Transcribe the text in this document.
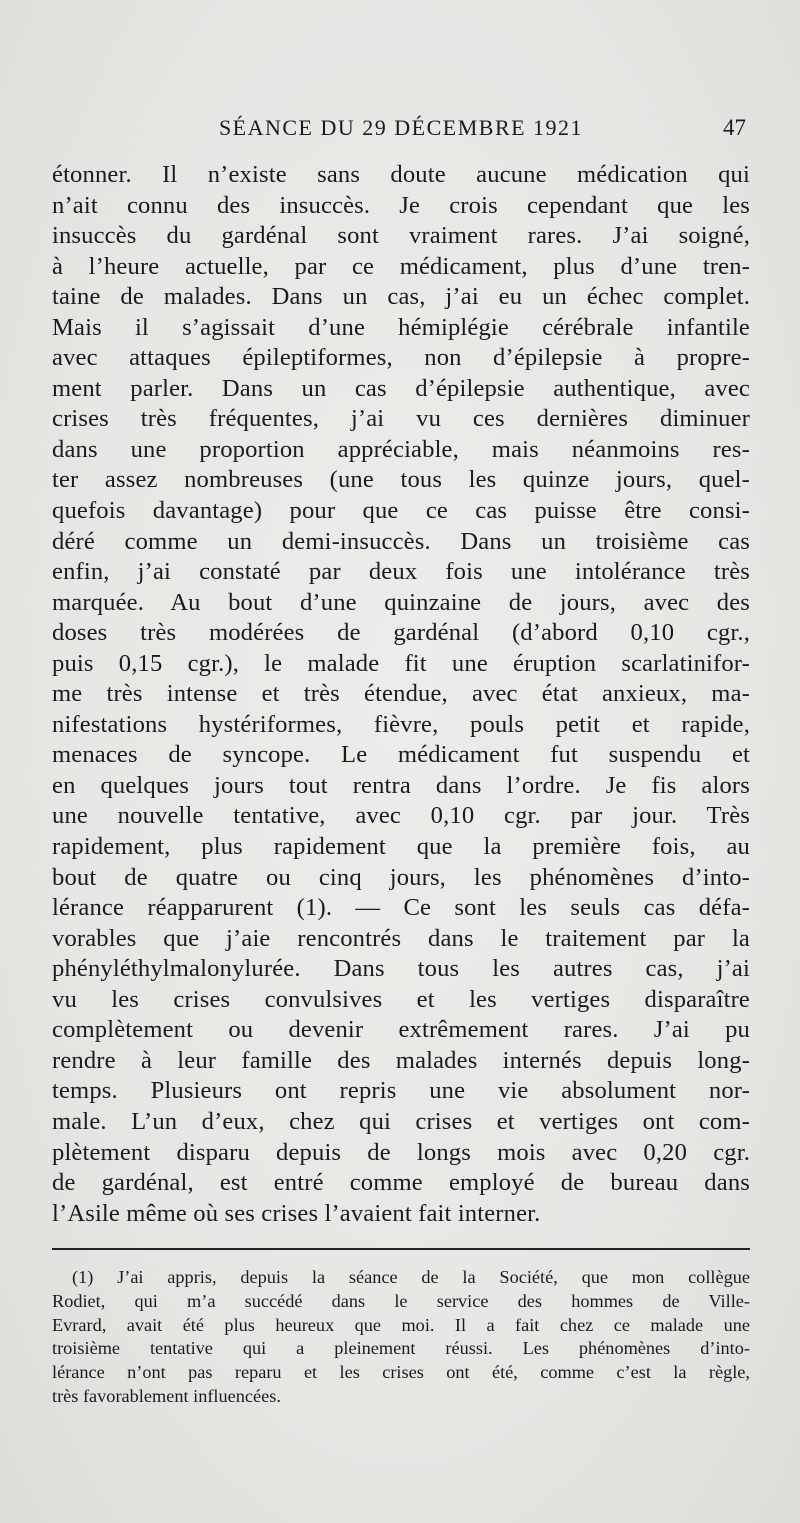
SÉANCE DU 29 DÉCEMBRE 1921	47
étonner. Il n’existe sans doute aucune médication qui
n’ait connu des insuccès. Je crois cependant que les
insuccès du gardénal sont vraiment rares. J’ai soigné,
à l’heure actuelle, par ce médicament, plus d’une tren-
taine de malades. Dans un cas, j’ai eu un échec complet.
Mais il s’agissait d’une hémiplégie cérébrale infantile
avec attaques épileptiformes, non d’épilepsie à propre-
ment parler. Dans un cas d’épilepsie authentique, avec
crises très fréquentes, j’ai vu ces dernières diminuer
dans une proportion appréciable, mais néanmoins res-
ter assez nombreuses (une tous les quinze jours, quel-
quefois davantage) pour que ce cas puisse être consi-
déré comme un demi-insuccès. Dans un troisième cas
enfin, j’ai constaté par deux fois une intolérance très
marquée. Au bout d’une quinzaine de jours, avec des
doses très modérées de gardénal (d’abord 0,10 cgr.,
puis 0,15 cgr.), le malade fit une éruption scarlatinifor-
me très intense et très étendue, avec état anxieux, ma-
nifestations hystériformes, fièvre, pouls petit et rapide,
menaces de syncope. Le médicament fut suspendu et
en quelques jours tout rentra dans l’ordre. Je fis alors
une nouvelle tentative, avec 0,10 cgr. par jour. Très
rapidement, plus rapidement que la première fois, au
bout de quatre ou cinq jours, les phénomènes d’into-
lérance réapparurent (1). — Ce sont les seuls cas défa-
vorables que j’aie rencontrés dans le traitement par la
phényléthylmalonylurée. Dans tous les autres cas, j’ai
vu les crises convulsives et les vertiges disparaître
complètement ou devenir extrêmement rares. J’ai pu
rendre à leur famille des malades internés depuis long-
temps. Plusieurs ont repris une vie absolument nor-
male. L’un d’eux, chez qui crises et vertiges ont com-
plètement disparu depuis de longs mois avec 0,20 cgr.
de gardénal, est entré comme employé de bureau dans
l’Asile même où ses crises l’avaient fait interner.
(1) J’ai appris, depuis la séance de la Société, que mon collègue
Rodiet, qui m’a succédé dans le service des hommes de Ville-
Evrard, avait été plus heureux que moi. Il a fait chez ce malade une
troisième tentative qui a pleinement réussi. Les phénomènes d’into-
lérance n’ont pas reparu et les crises ont été, comme c’est la règle,
très favorablement influencées.
